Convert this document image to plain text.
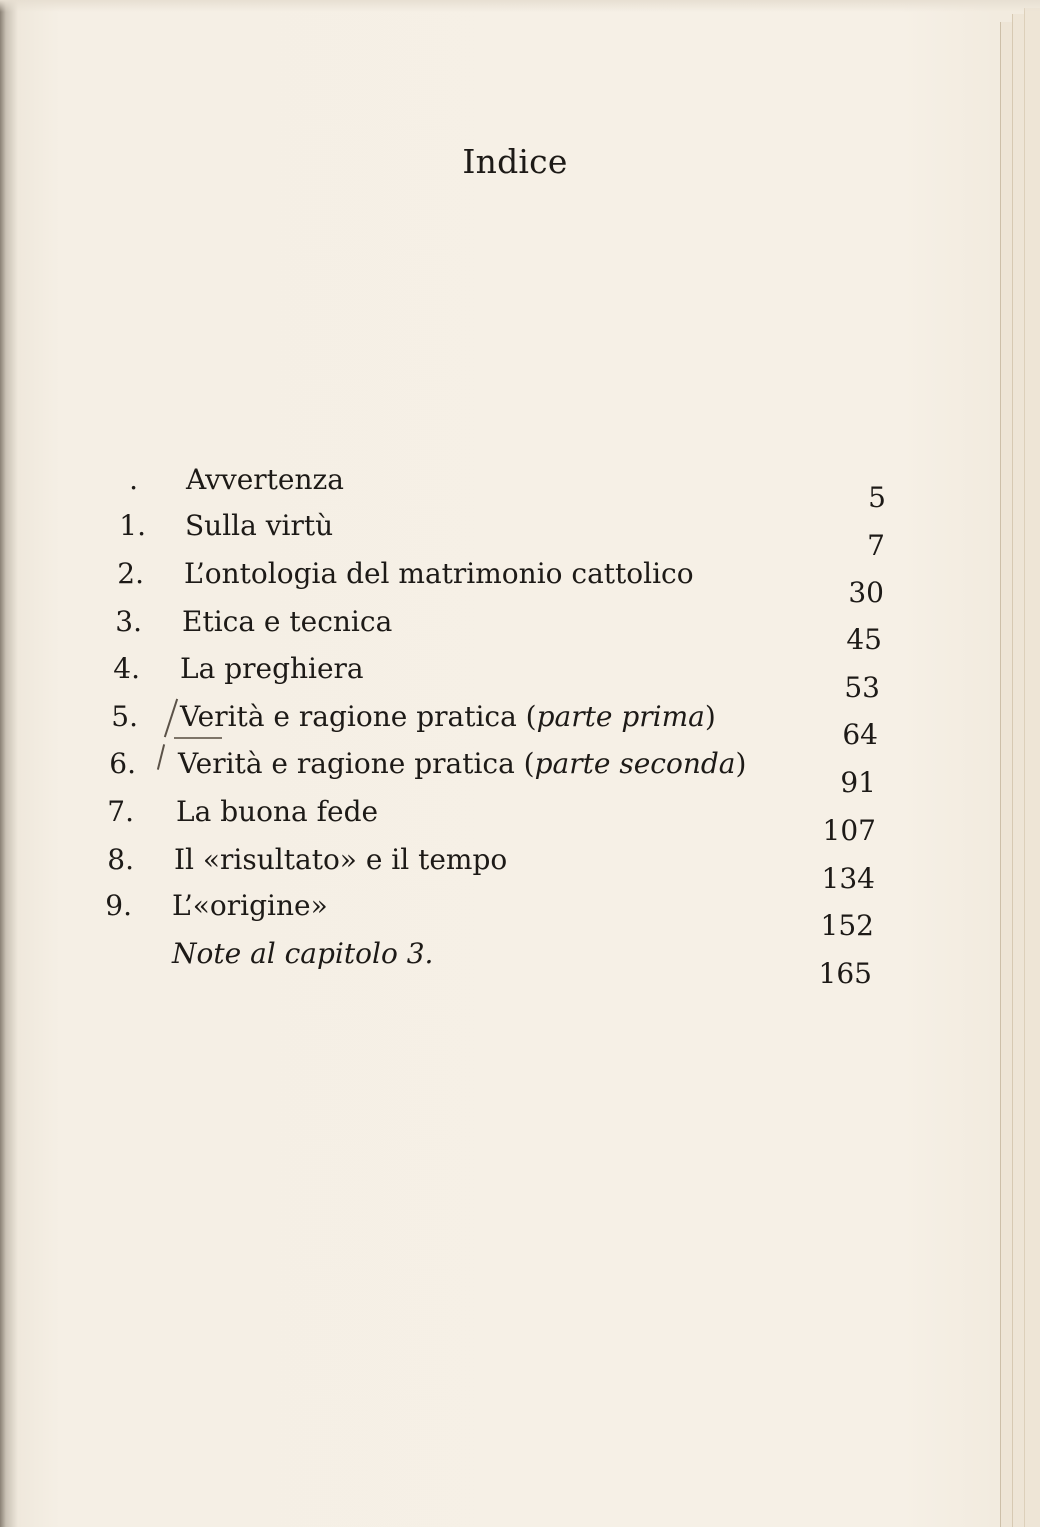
Indice
. Avvertenza
5
1. Sulla virtù
7
2. L’ontologia del matrimonio cattolico
30
3. Etica e tecnica
45
4. La preghiera
53
5. Verità e ragione pratica (parte prima)
64
6. Verità e ragione pratica (parte seconda)
91
7. La buona fede
107
8. Il «risultato» e il tempo
134
9. L’«origine»
152
Note al capitolo 3.
165
